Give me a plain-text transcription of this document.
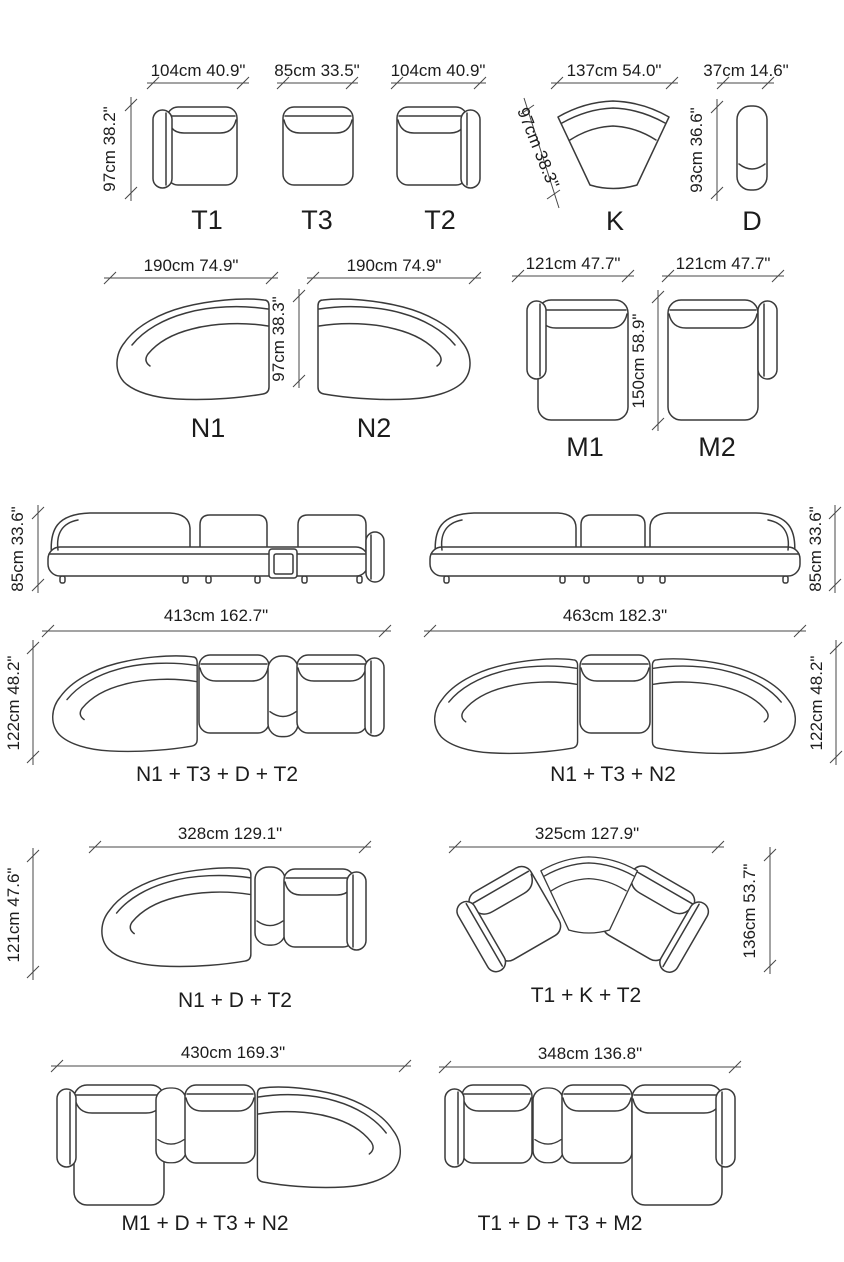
104cm 40.9" 85cm 33.5" 104cm 40.9"	137cm 54.0" 37cm 14.6"
97cm 38.2"	97cm 38.3"	93cm 36.6"
T1	T3	T2	K	D
190cm 74.9"	190cm 74.9"
97cm 38.3"
121cm 47.7"	121cm 47.7"
150cm 58.9"
N1	N2
M1	M2
85cm 33.6"
413cm 162.7"	463cm 182.3"
85cm 33.6"
122cm 48.2"	122cm 48.2"
N1 + T3 + D + T2	N1 + T3 + N2
328cm 129.1"
121cm 47.6"
325cm 127.9"
136cm 53.7"
N1 + D + T2	T1 + K + T2
430cm 169.3"	348cm 136.8"
M1 + D + T3 + N2	T1 + D + T3 + M2
